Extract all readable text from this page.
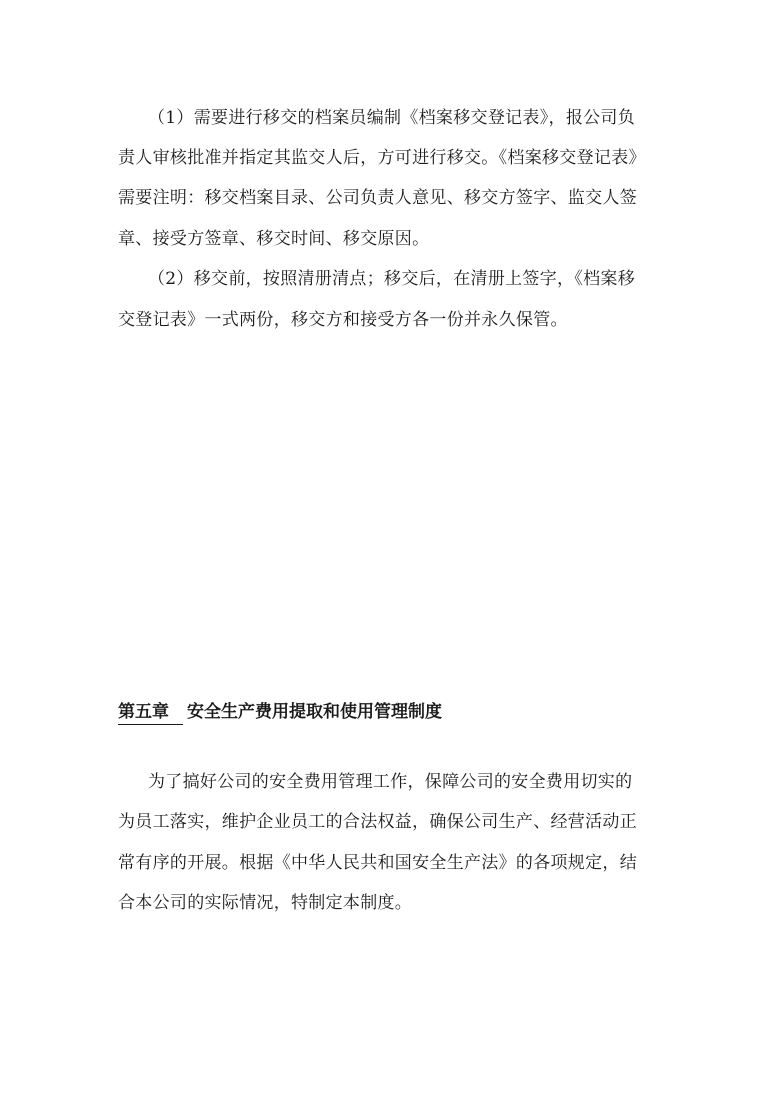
（1）需要进行移交的档案员编制《档案移交登记表》，报公司负
责人审核批准并指定其监交人后，方可进行移交。《档案移交登记表》
需要注明：移交档案目录、公司负责人意见、移交方签字、监交人签
章、接受方签章、移交时间、移交原因。
（2）移交前，按照清册清点；移交后，在清册上签字，《档案移
交登记表》一式两份，移交方和接受方各一份并永久保管。
第五章 安全生产费用提取和使用管理制度
为了搞好公司的安全费用管理工作，保障公司的安全费用切实的
为员工落实，维护企业员工的合法权益，确保公司生产、经营活动正
常有序的开展。根据《中华人民共和国安全生产法》的各项规定，结
合本公司的实际情况，特制定本制度。
